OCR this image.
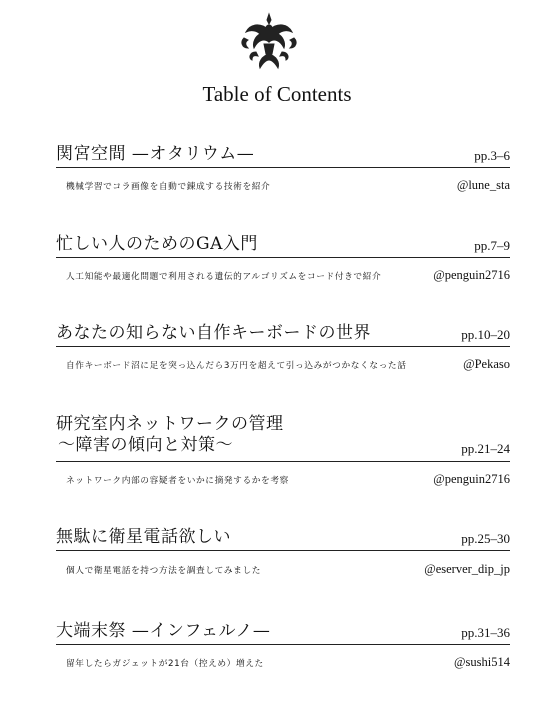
Table of Contents
関宮空間 —オタリウム—	pp.3–6
機械学習でコラ画像を自動で錬成する技術を紹介	@lune_sta
忙しい人のためのGA入門	pp.7–9
人工知能や最適化問題で利用される遺伝的アルゴリズムをコード付きで紹介	@penguin2716
あなたの知らない自作キーボードの世界	pp.10–20
自作キーボード沼に足を突っ込んだら3万円を超えて引っ込みがつかなくなった話	@Pekaso
研究室内ネットワークの管理
〜障害の傾向と対策〜	pp.21–24
ネットワーク内部の容疑者をいかに摘発するかを考察	@penguin2716
無駄に衛星電話欲しい	pp.25–30
個人で衛星電話を持つ方法を調査してみました	@eserver_dip_jp
大端末祭 —インフェルノ—	pp.31–36
留年したらガジェットが21台（控えめ）増えた	@sushi514
